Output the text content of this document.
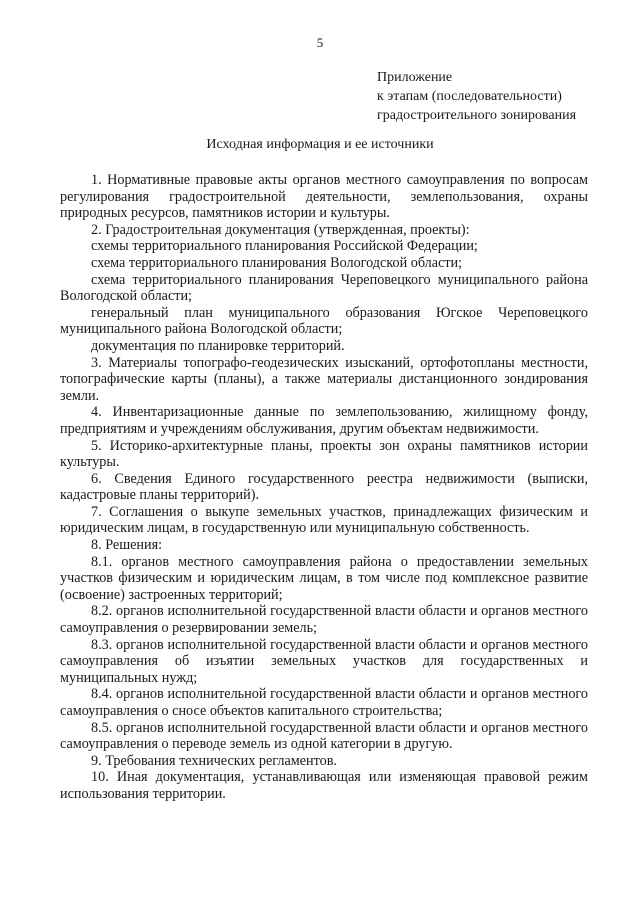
5
Приложение
к этапам (последовательности)
градостроительного зонирования
Исходная информация и ее источники

1. Нормативные правовые акты органов местного самоуправления по вопросам регулирования градостроительной деятельности, землепользования, охраны природных ресурсов, памятников истории и культуры.

2. Градостроительная документация (утвержденная, проекты):

схемы территориального планирования Российской Федерации;

схема территориального планирования Вологодской области;

схема территориального планирования Череповецкого муниципального района Вологодской области;

генеральный план муниципального образования Югское Череповецкого муниципального района Вологодской области;

документация по планировке территорий.

3. Материалы топографо-геодезических изысканий, ортофотопланы местности, топографические карты (планы), а также материалы дистанционного зондирования земли.

4. Инвентаризационные данные по землепользованию, жилищному фонду, предприятиям и учреждениям обслуживания, другим объектам недвижимости.

5. Историко-архитектурные планы, проекты зон охраны памятников истории культуры.

6. Сведения Единого государственного реестра недвижимости (выписки, кадастровые планы территорий).

7. Соглашения о выкупе земельных участков, принадлежащих физическим и юридическим лицам, в государственную или муниципальную собственность.

8. Решения:

8.1. органов местного самоуправления района о предоставлении земельных участков физическим и юридическим лицам, в том числе под комплексное развитие (освоение) застроенных территорий;

8.2. органов исполнительной государственной власти области и органов местного самоуправления о резервировании земель;

8.3. органов исполнительной государственной власти области и органов местного самоуправления об изъятии земельных участков для государственных и муниципальных нужд;

8.4. органов исполнительной государственной власти области и органов местного самоуправления о сносе объектов капитального строительства;

8.5. органов исполнительной государственной власти области и органов местного самоуправления о переводе земель из одной категории в другую.

9. Требования технических регламентов.

10. Иная документация, устанавливающая или изменяющая правовой режим использования территории.
